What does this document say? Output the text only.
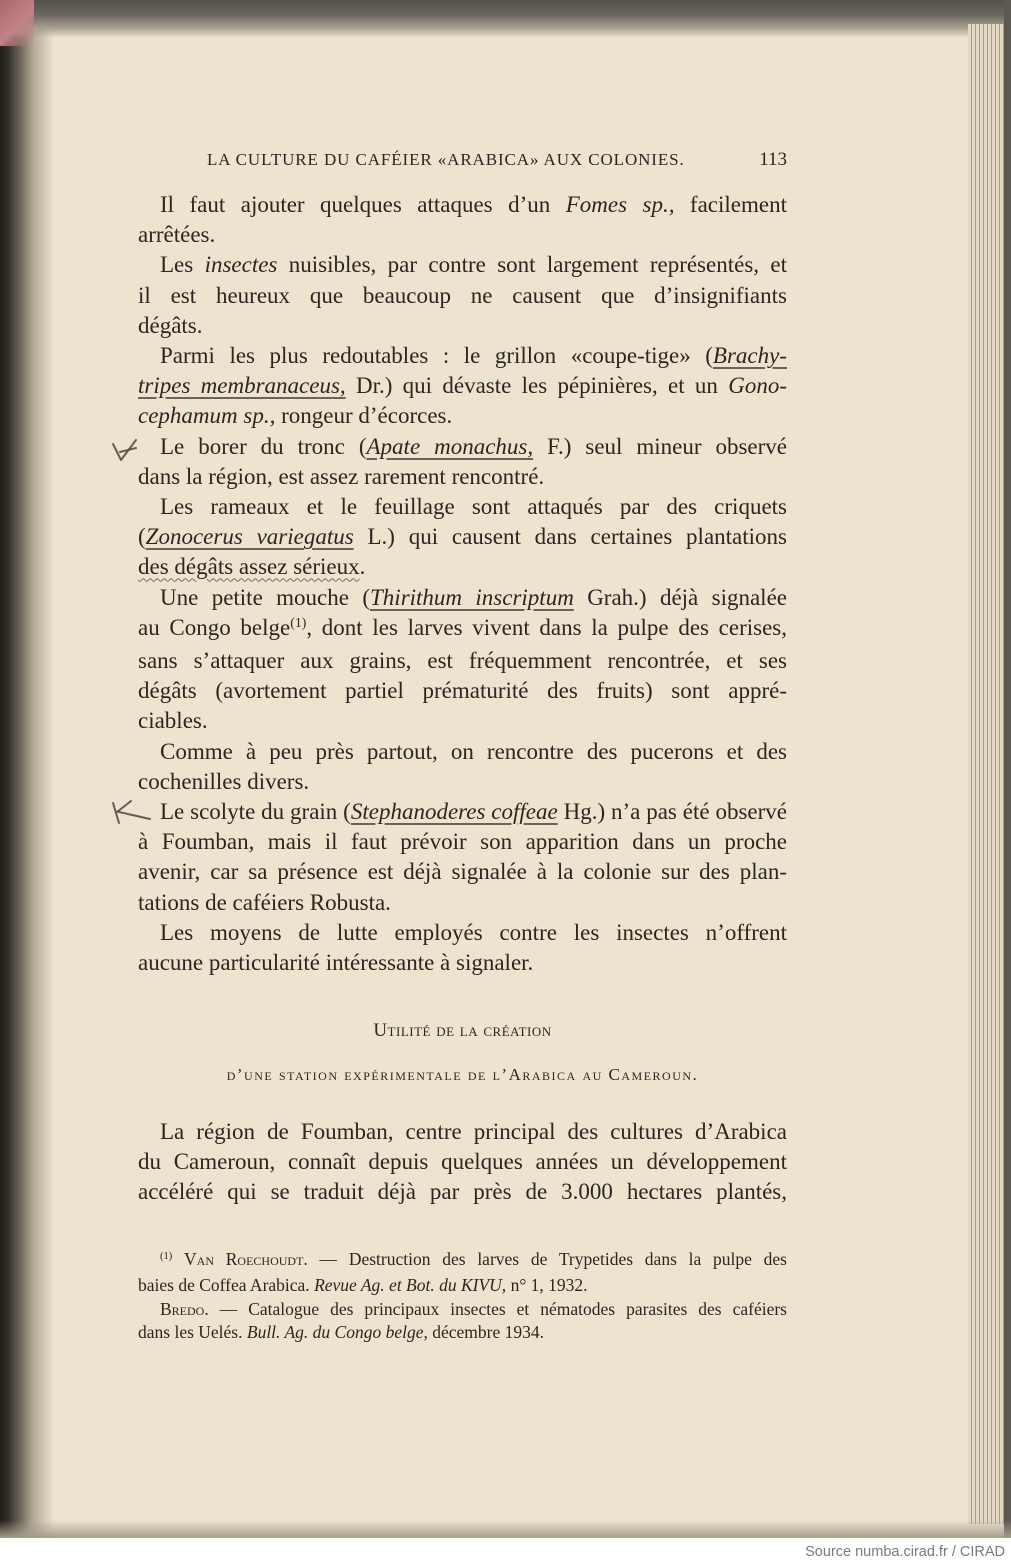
LA CULTURE DU CAFÉIER «ARABICA» AUX COLONIES.	113
Il faut ajouter quelques attaques d’un Fomes sp., facilement
arrêtées.
Les insectes nuisibles, par contre sont largement représentés, et
il est heureux que beaucoup ne causent que d’insignifiants
dégâts.
Parmi les plus redoutables : le grillon «coupe-tige» (Brachy-
tripes membranaceus, Dr.) qui dévaste les pépinières, et un Gono-
cephamum sp., rongeur d’écorces.
Le borer du tronc (Apate monachus, F.) seul mineur observé
dans la région, est assez rarement rencontré.
Les rameaux et le feuillage sont attaqués par des criquets
(Zonocerus variegatus L.) qui causent dans certaines plantations
des dégâts assez sérieux.
Une petite mouche (Thirithum inscriptum Grah.) déjà signalée
au Congo belge$^{(1)}$, dont les larves vivent dans la pulpe des cerises,
sans s’attaquer aux grains, est fréquemment rencontrée, et ses
dégâts (avortement partiel prématurité des fruits) sont appré-
ciables.
Comme à peu près partout, on rencontre des pucerons et des
cochenilles divers.
Le scolyte du grain (Stephanoderes coffeae Hg.) n’a pas été observé
à Foumban, mais il faut prévoir son apparition dans un proche
avenir, car sa présence est déjà signalée à la colonie sur des plan-
tations de caféiers Robusta.
Les moyens de lutte employés contre les insectes n’offrent
aucune particularité intéressante à signaler.
Utilité de la création
d’une station expérimentale de l’Arabica au Cameroun.
La région de Foumban, centre principal des cultures d’Arabica
du Cameroun, connaît depuis quelques années un développement
accéléré qui se traduit déjà par près de 3.000 hectares plantés,
$^{(1)}$ Van Roechoudt. — Destruction des larves de Trypetides dans la pulpe des
baies de Coffea Arabica. Revue Ag. et Bot. du KIVU, n° 1, 1932.
Bredo. — Catalogue des principaux insectes et nématodes parasites des caféiers
dans les Uelés. Bull. Ag. du Congo belge, décembre 1934.
Source numba.cirad.fr / CIRAD
